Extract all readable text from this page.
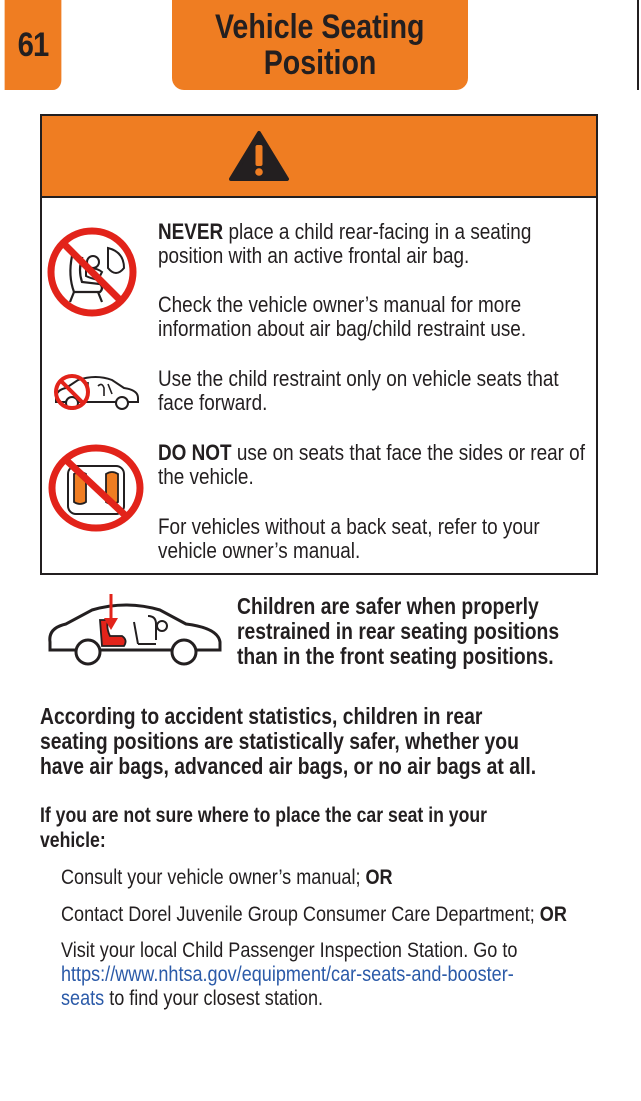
61	Vehicle Seating
Position
NEVER place a child rear-facing in a seating position with an active frontal air bag.
Check the vehicle owner’s manual for more information about air bag/child restraint use.
Use the child restraint only on vehicle seats that face forward.
DO NOT use on seats that face the sides or rear of the vehicle.
For vehicles without a back seat, refer to your vehicle owner’s manual.
Children are safer when properly
restrained in rear seating positions
than in the front seating positions.
According to accident statistics, children in rear
seating positions are statistically safer, whether you
have air bags, advanced air bags, or no air bags at all.
If you are not sure where to place the car seat in your
vehicle:
Consult your vehicle owner’s manual; OR
Contact Dorel Juvenile Group Consumer Care Department; OR
Visit your local Child Passenger Inspection Station. Go to
https://www.nhtsa.gov/equipment/car-seats-and-booster-
seats to find your closest station.
